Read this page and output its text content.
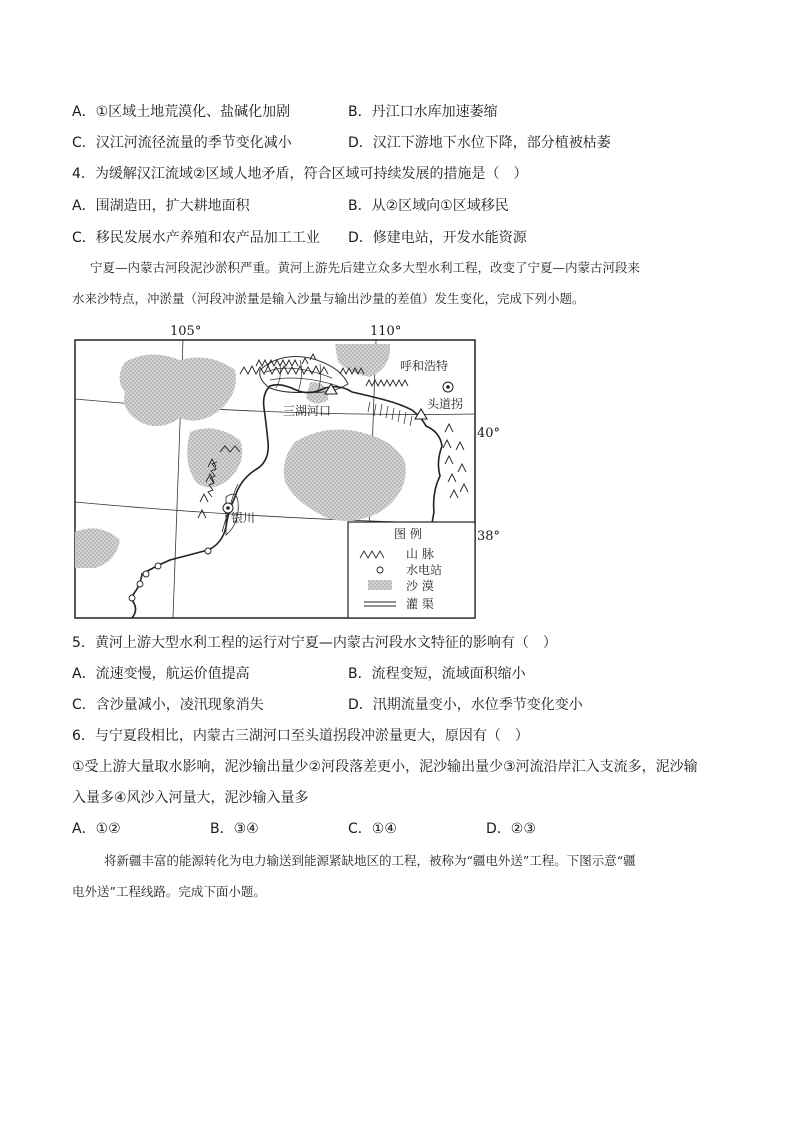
A．①区域土地荒漠化、盐碱化加剧	B．丹江口水库加速萎缩
C．汉江河流径流量的季节变化减小	D．汉江下游地下水位下降，部分植被枯萎
4．为缓解汉江流域②区域人地矛盾，符合区域可持续发展的措施是（　）
A．围湖造田，扩大耕地面积	B．从②区域向①区域移民
C．移民发展水产养殖和农产品加工工业 D．修建电站，开发水能资源
宁夏—内蒙古河段泥沙淤积严重。黄河上游先后建立众多大型水利工程，改变了宁夏—内蒙古河段来
水来沙特点，冲淤量（河段冲淤量是输入沙量与输出沙量的差值）发生变化，完成下列小题。
呼和浩特
头道拐
三湖河口
银川
图 例
山 脉
水电站
沙 漠
灌 渠
105°	110°
40°
38°
5．黄河上游大型水利工程的运行对宁夏—内蒙古河段水文特征的影响有（　）
A．流速变慢，航运价值提高	B．流程变短，流域面积缩小
C．含沙量减小，凌汛现象消失	D．汛期流量变小，水位季节变化变小
6．与宁夏段相比，内蒙古三湖河口至头道拐段冲淤量更大，原因有（　）
①受上游大量取水影响，泥沙输出量少②河段落差更小，泥沙输出量少③河流沿岸汇入支流多，泥沙输
入量多④风沙入河量大，泥沙输入量多
A．①②	B．③④	C．①④	D．②③
将新疆丰富的能源转化为电力输送到能源紧缺地区的工程，被称为“疆电外送”工程。下图示意“疆
电外送”工程线路。完成下面小题。
